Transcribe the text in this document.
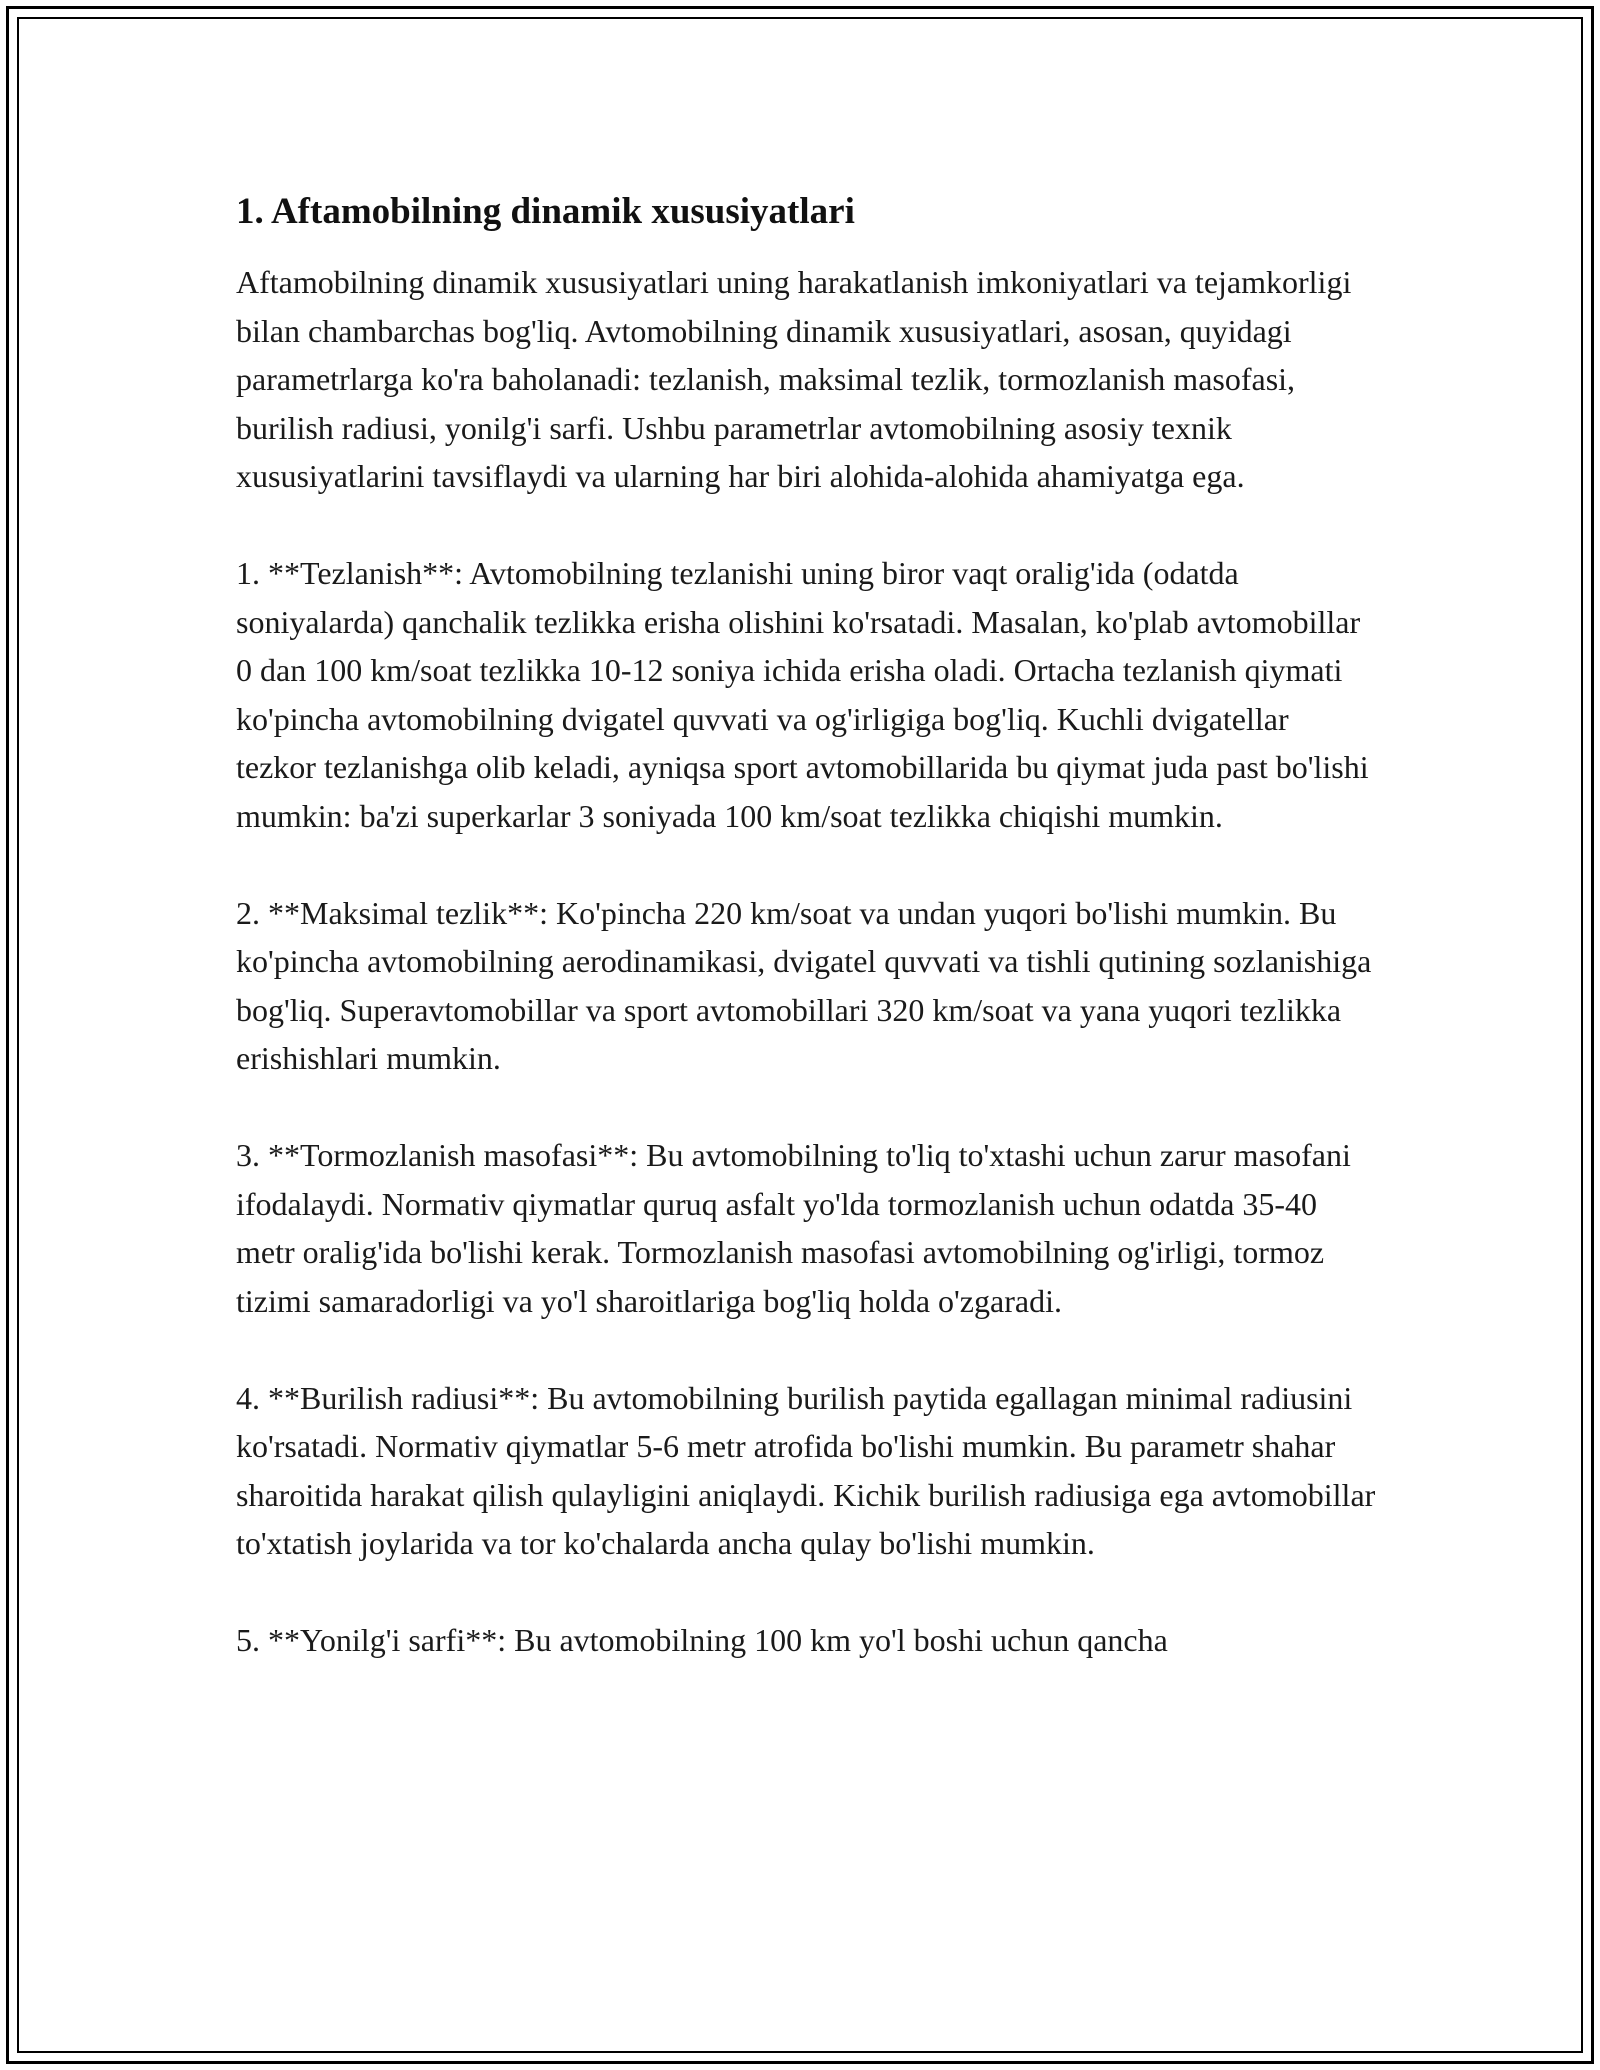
1. Aftamobilning dinamik xususiyatlari

Aftamobilning dinamik xususiyatlari uning harakatlanish imkoniyatlari va tejamkorligi bilan chambarchas bog'liq. Avtomobilning dinamik xususiyatlari, asosan, quyidagi parametrlarga ko'ra baholanadi: tezlanish, maksimal tezlik, tormozlanish masofasi, burilish radiusi, yonilg'i sarfi. Ushbu parametrlar avtomobilning asosiy texnik xususiyatlarini tavsiflaydi va ularning har biri alohida-alohida ahamiyatga ega.

1. **Tezlanish**: Avtomobilning tezlanishi uning biror vaqt oralig'ida (odatda soniyalarda) qanchalik tezlikka erisha olishini ko'rsatadi. Masalan, ko'plab avtomobillar 0 dan 100 km/soat tezlikka 10-12 soniya ichida erisha oladi. Ortacha tezlanish qiymati ko'pincha avtomobilning dvigatel quvvati va og'irligiga bog'liq. Kuchli dvigatellar tezkor tezlanishga olib keladi, ayniqsa sport avtomobillarida bu qiymat juda past bo'lishi mumkin: ba'zi superkarlar 3 soniyada 100 km/soat tezlikka chiqishi mumkin.

2. **Maksimal tezlik**: Ko'pincha 220 km/soat va undan yuqori bo'lishi mumkin. Bu ko'pincha avtomobilning aerodinamikasi, dvigatel quvvati va tishli qutining sozlanishiga bog'liq. Superavtomobillar va sport avtomobillari 320 km/soat va yana yuqori tezlikka erishishlari mumkin.

3. **Tormozlanish masofasi**: Bu avtomobilning to'liq to'xtashi uchun zarur masofani ifodalaydi. Normativ qiymatlar quruq asfalt yo'lda tormozlanish uchun odatda 35-40 metr oralig'ida bo'lishi kerak. Tormozlanish masofasi avtomobilning og'irligi, tormoz tizimi samaradorligi va yo'l sharoitlariga bog'liq holda o'zgaradi.

4. **Burilish radiusi**: Bu avtomobilning burilish paytida egallagan minimal radiusini ko'rsatadi. Normativ qiymatlar 5-6 metr atrofida bo'lishi mumkin. Bu parametr shahar sharoitida harakat qilish qulayligini aniqlaydi. Kichik burilish radiusiga ega avtomobillar to'xtatish joylarida va tor ko'chalarda ancha qulay bo'lishi mumkin.

5. **Yonilg'i sarfi**: Bu avtomobilning 100 km yo'l boshi uchun qancha
